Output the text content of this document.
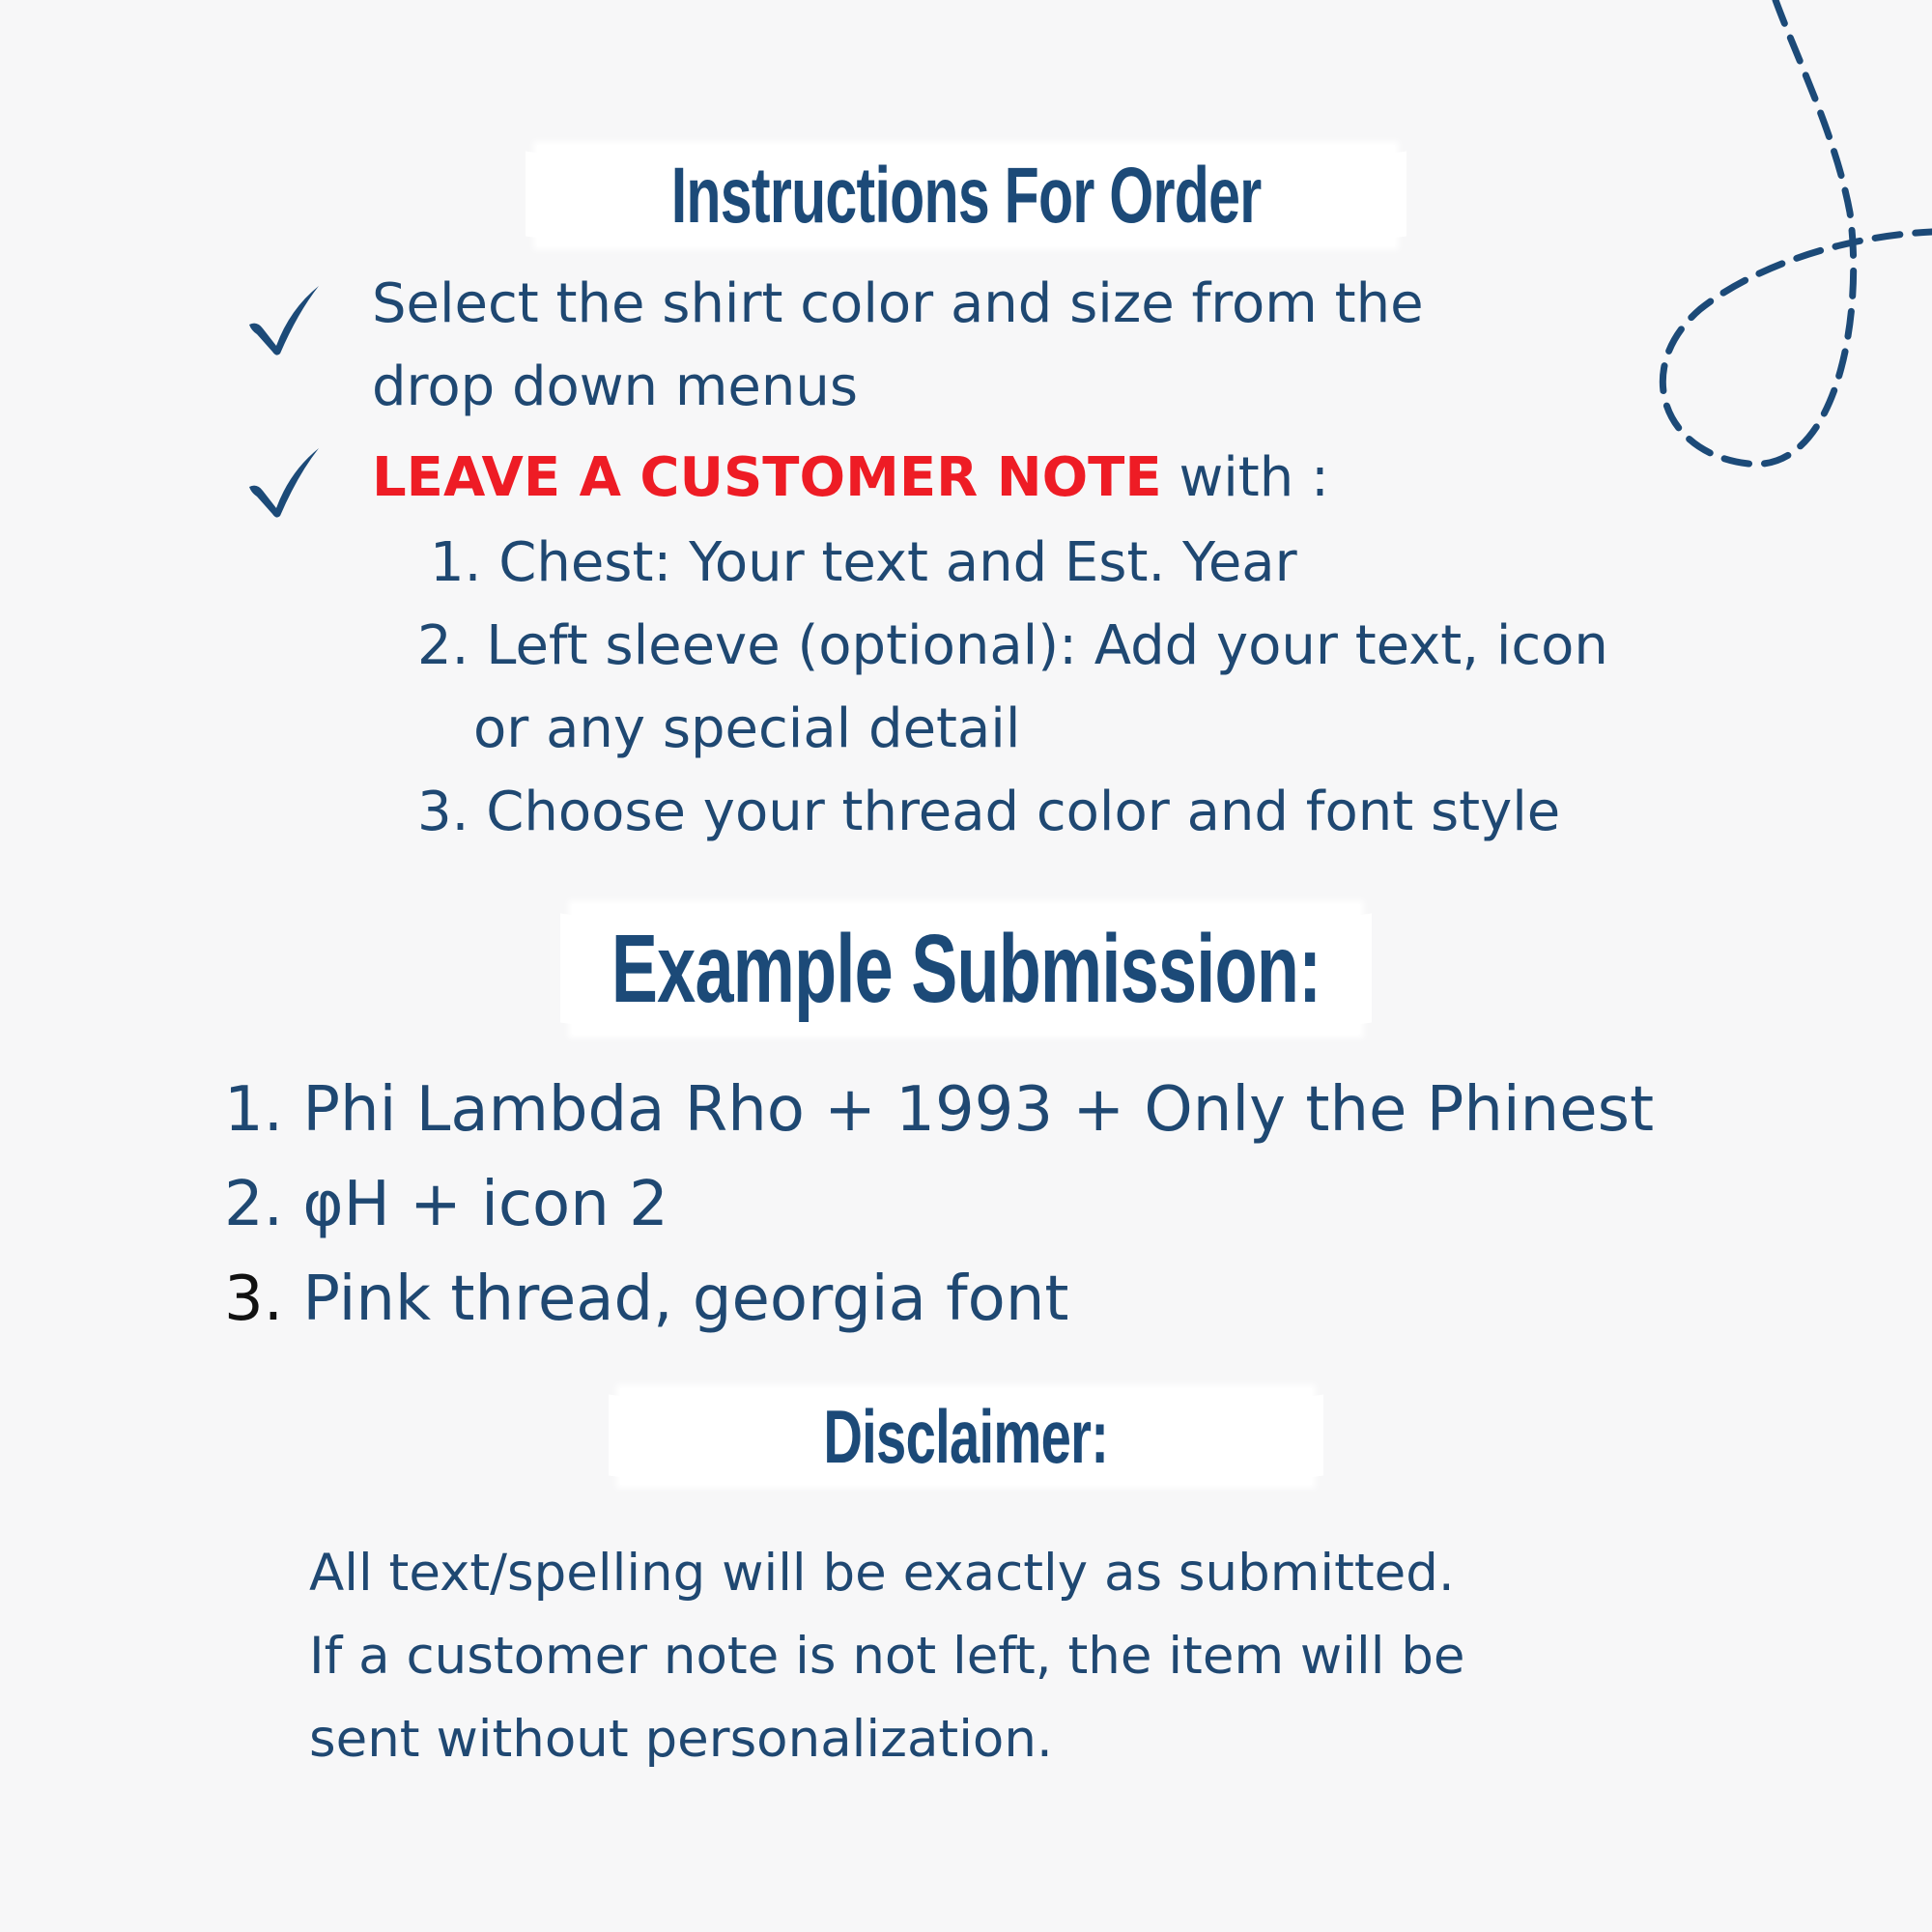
Instructions For Order
Select the shirt color and size from the
drop down menus
LEAVE A CUSTOMER NOTE with :
1. Chest: Your text and Est. Year
2. Left sleeve (optional): Add your text, icon
or any special detail
3. Choose your thread color and font style
Example Submission:
1. Phi Lambda Rho + 1993 + Only the Phinest
2. φH + icon 2
3. Pink thread, georgia font
Disclaimer:
All text/spelling will be exactly as submitted.
If a customer note is not left, the item will be
sent without personalization.
